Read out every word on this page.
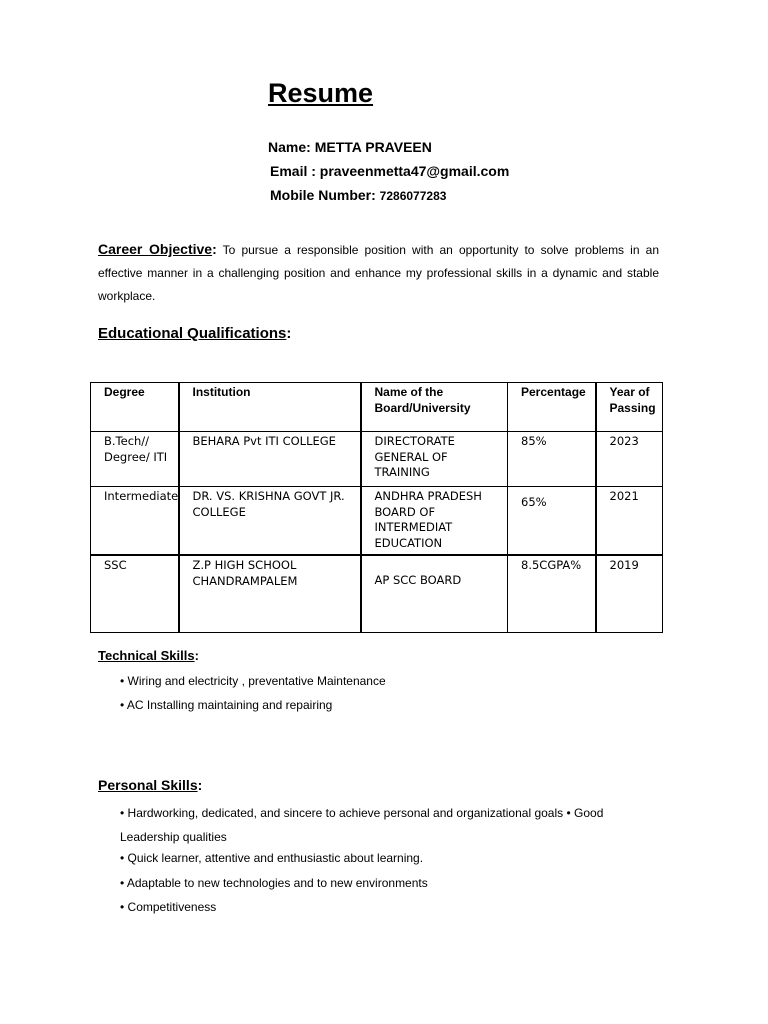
Resume
Name: METTA PRAVEEN
Email : praveenmetta47@gmail.com
Mobile Number: 7286077283
Career Objective: To pursue a responsible position with an opportunity to solve problems in an effective manner in a challenging position and enhance my professional skills in a dynamic and stable workplace.
Educational Qualifications:
Degree	Institution	Name of the Board/University	Percentage	Year of Passing
B.Tech// Degree/ ITI	BEHARA Pvt ITI COLLEGE	DIRECTORATE GENERAL OF TRAINING	85%	2023
Intermediate	DR. VS. KRISHNA GOVT JR. COLLEGE	ANDHRA PRADESH BOARD OF INTERMEDIAT EDUCATION	65%	2021
SSC	Z.P HIGH SCHOOL CHANDRAMPALEM	AP SCC BOARD	8.5CGPA%	2019
Technical Skills:
• Wiring and electricity , preventative Maintenance
• AC Installing maintaining and repairing
Personal Skills:
• Hardworking, dedicated, and sincere to achieve personal and organizational goals • Good Leadership qualities
• Quick learner, attentive and enthusiastic about learning.
• Adaptable to new technologies and to new environments
• Competitiveness
